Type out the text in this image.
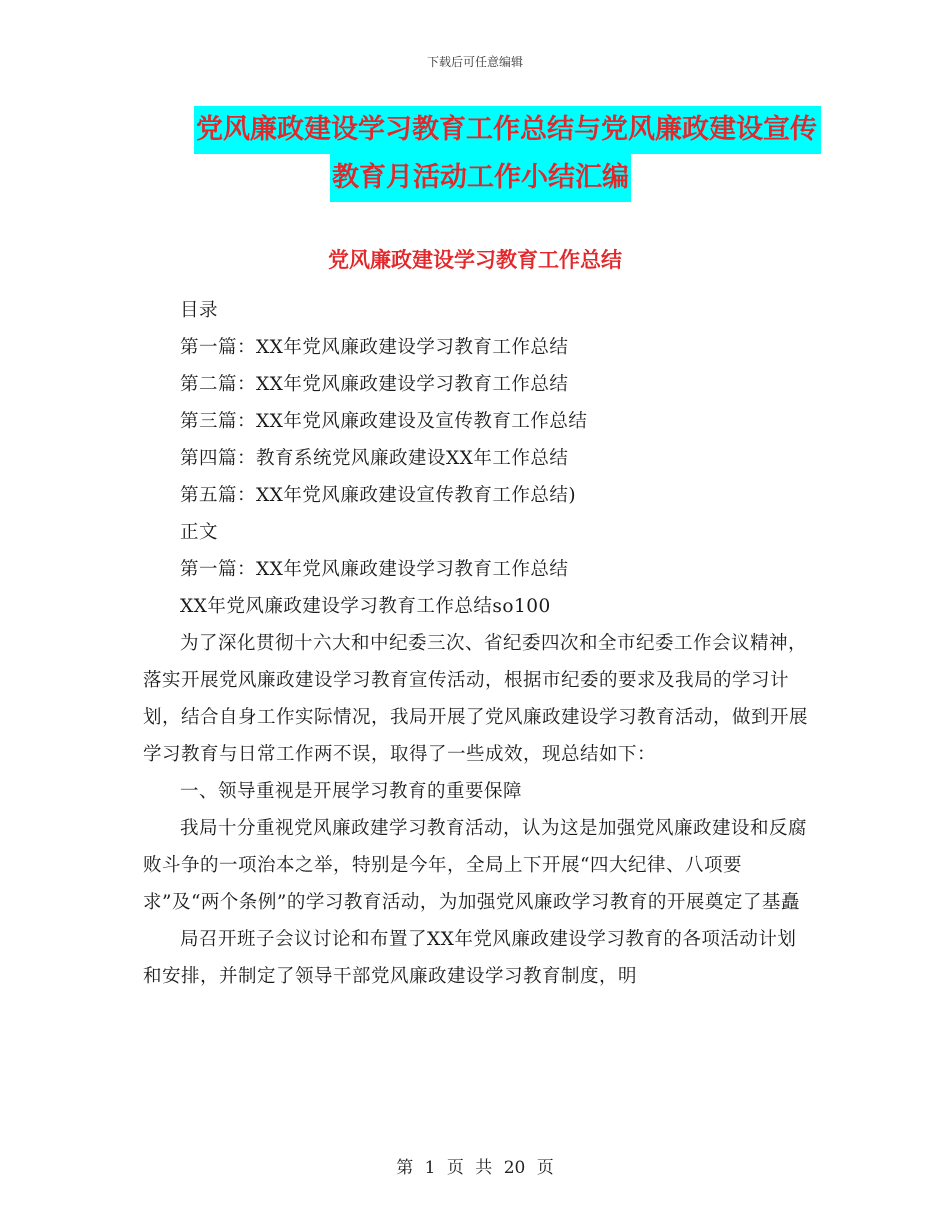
下载后可任意编辑
党风廉政建设学习教育工作总结与党风廉政建设宣传
教育月活动工作小结汇编
党风廉政建设学习教育工作总结

目录

第一篇：XX年党风廉政建设学习教育工作总结

第二篇：XX年党风廉政建设学习教育工作总结

第三篇：XX年党风廉政建设及宣传教育工作总结

第四篇：教育系统党风廉政建设XX年工作总结

第五篇：XX年党风廉政建设宣传教育工作总结)

正文

第一篇：XX年党风廉政建设学习教育工作总结

XX年党风廉政建设学习教育工作总结so100

为了深化贯彻十六大和中纪委三次、省纪委四次和全市纪委工作会议精神，落实开展党风廉政建设学习教育宣传活动，根据市纪委的要求及我局的学习计划，结合自身工作实际情况，我局开展了党风廉政建设学习教育活动，做到开展学习教育与日常工作两不误，取得了一些成效，现总结如下：

一、领导重视是开展学习教育的重要保障

我局十分重视党风廉政建学习教育活动，认为这是加强党风廉政建设和反腐败斗争的一项治本之举，特别是今年，全局上下开展“四大纪律、八项要求”及“两个条例”的学习教育活动，为加强党风廉政学习教育的开展奠定了基矗

局召开班子会议讨论和布置了XX年党风廉政建设学习教育的各项活动计划和安排，并制定了领导干部党风廉政建设学习教育制度，明

第 1 页 共 20 页
